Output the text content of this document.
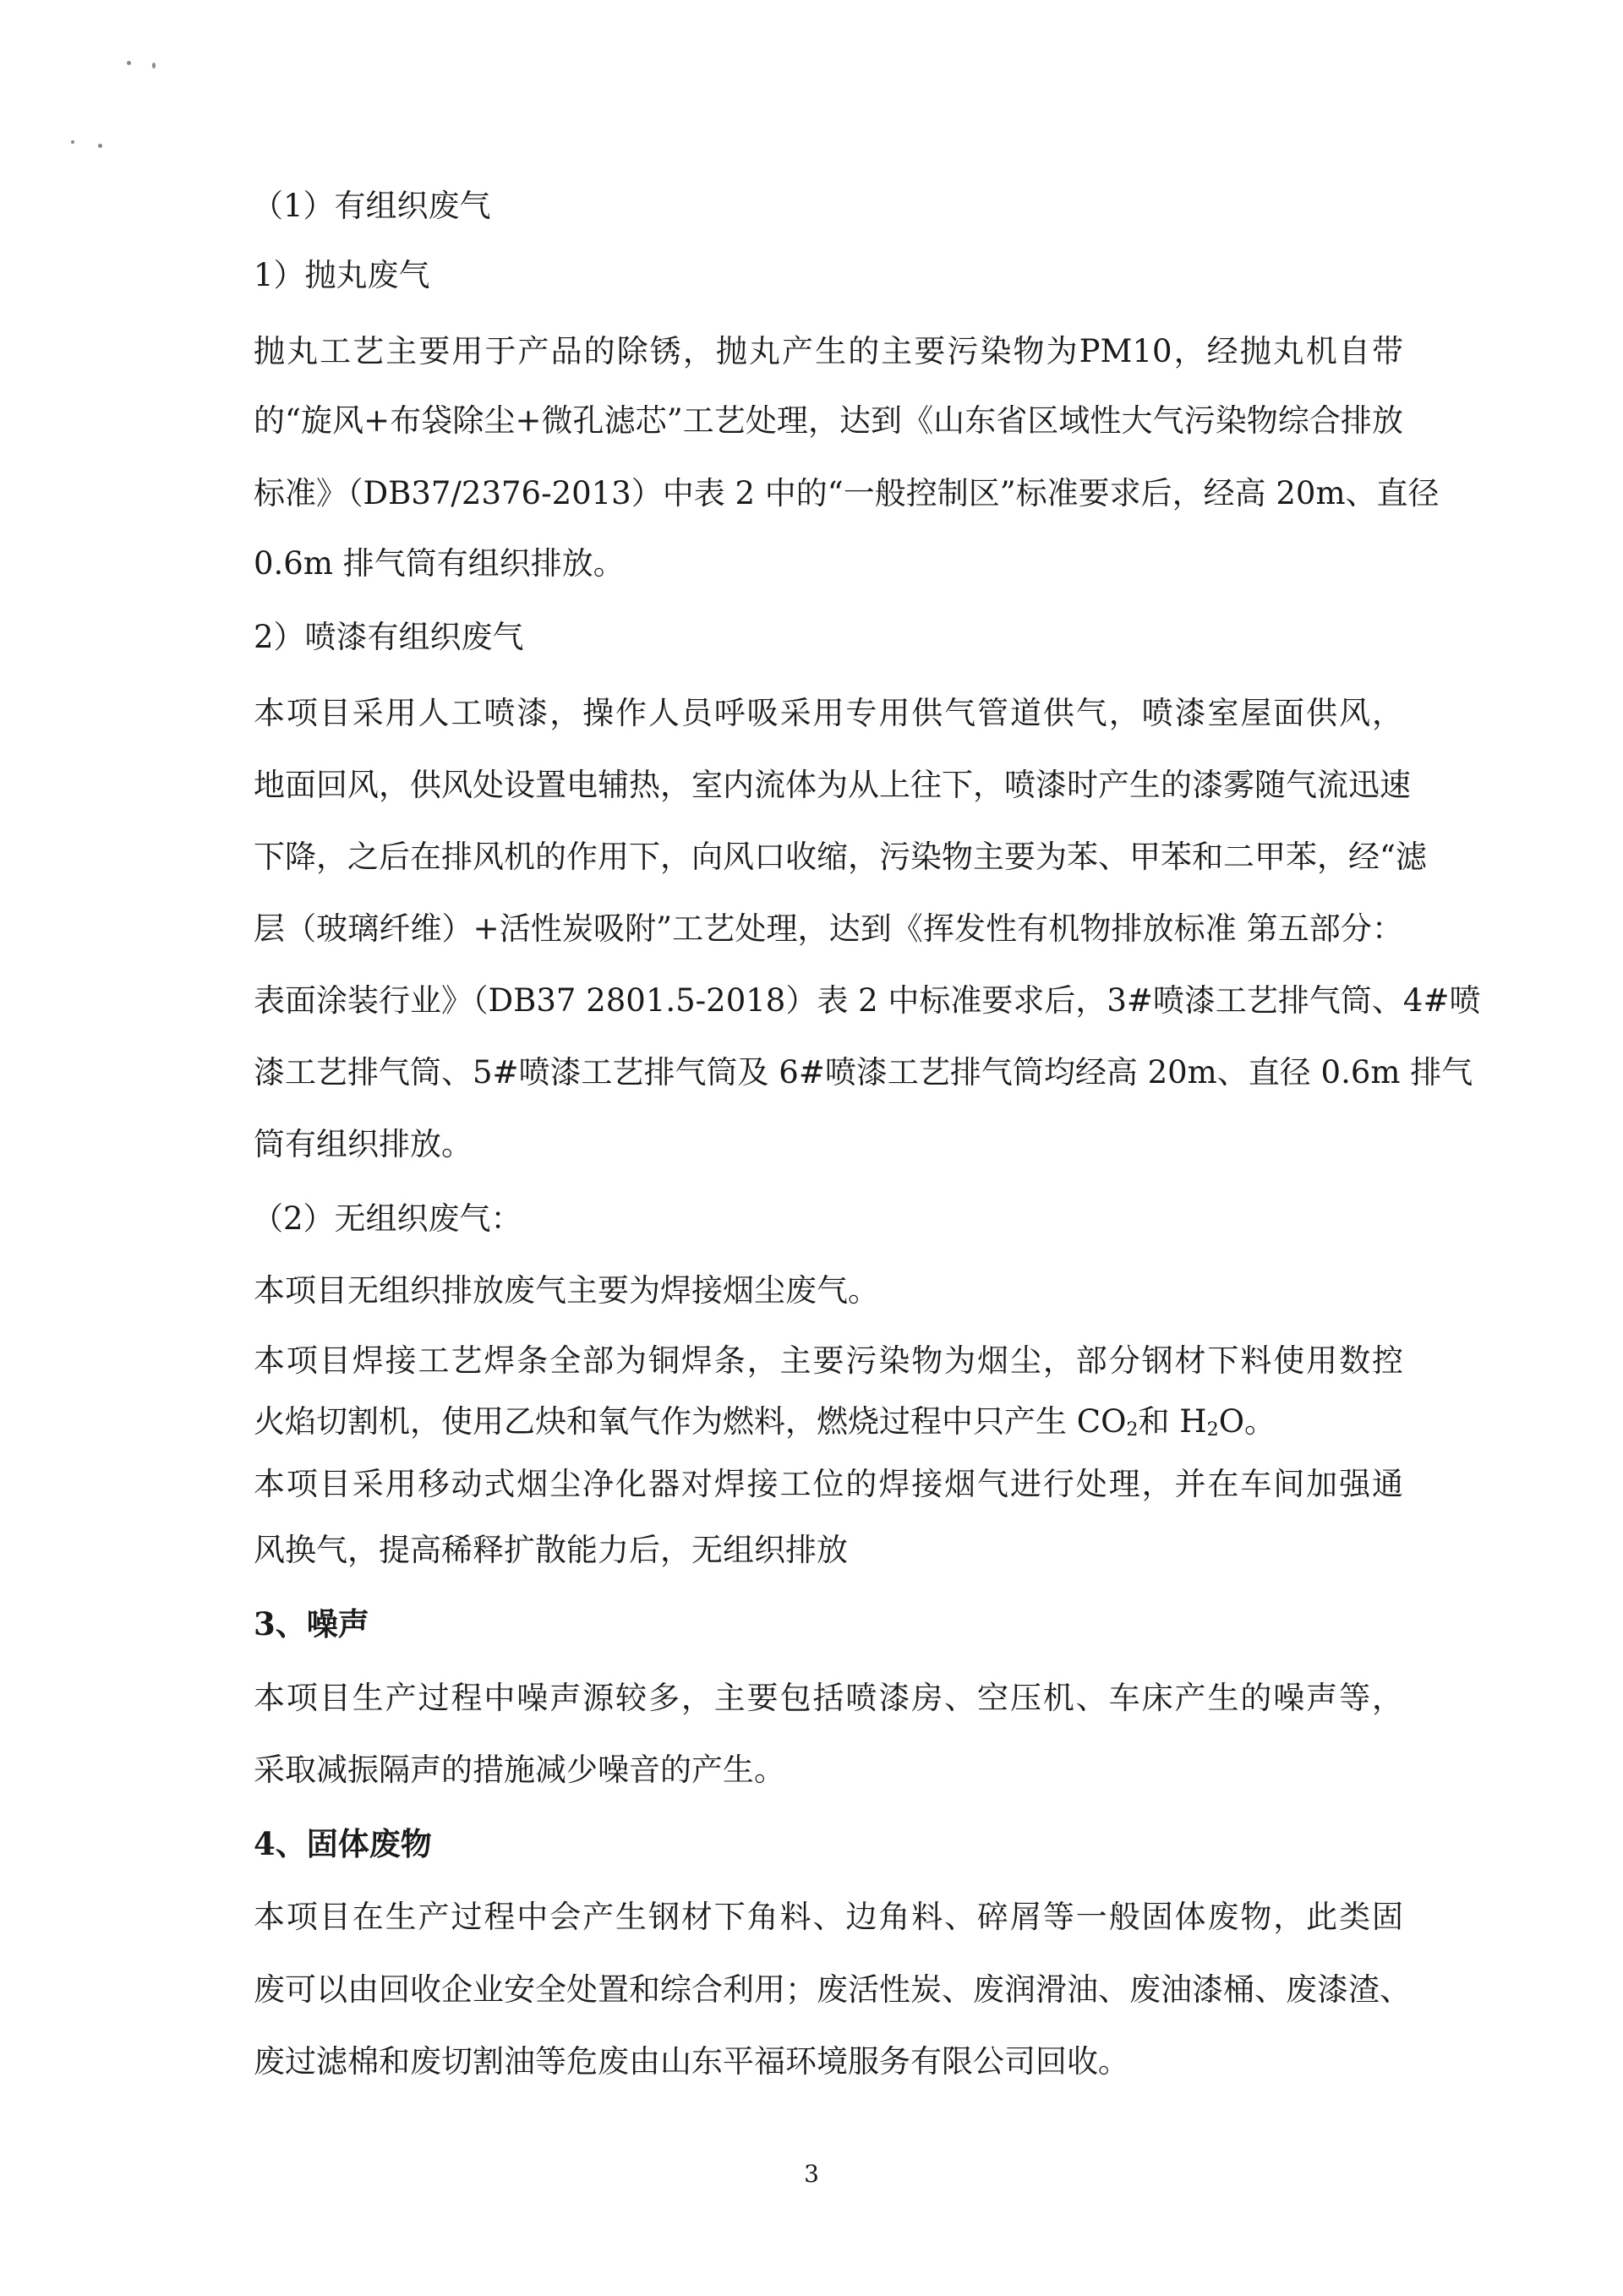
（1）有组织废气
1）抛丸废气
抛丸工艺主要用于产品的除锈，抛丸产生的主要污染物为PM10，经抛丸机自带
的“旋风+布袋除尘+微孔滤芯”工艺处理，达到《山东省区域性大气污染物综合排放
标准》（DB37/2376-2013）中表 2 中的“一般控制区”标准要求后，经高 20m、直径
0.6m 排气筒有组织排放。
2）喷漆有组织废气
本项目采用人工喷漆，操作人员呼吸采用专用供气管道供气，喷漆室屋面供风，
地面回风，供风处设置电辅热，室内流体为从上往下，喷漆时产生的漆雾随气流迅速
下降，之后在排风机的作用下，向风口收缩，污染物主要为苯、甲苯和二甲苯，经“滤
层（玻璃纤维）+活性炭吸附”工艺处理，达到《挥发性有机物排放标准 第五部分：
表面涂装行业》（DB37 2801.5-2018）表 2 中标准要求后，3#喷漆工艺排气筒、4#喷
漆工艺排气筒、5#喷漆工艺排气筒及 6#喷漆工艺排气筒均经高 20m、直径 0.6m 排气
筒有组织排放。
（2）无组织废气：
本项目无组织排放废气主要为焊接烟尘废气。
本项目焊接工艺焊条全部为铜焊条，主要污染物为烟尘，部分钢材下料使用数控
火焰切割机，使用乙炔和氧气作为燃料，燃烧过程中只产生 $CO_2$和 $H_2O$。
本项目采用移动式烟尘净化器对焊接工位的焊接烟气进行处理，并在车间加强通
风换气，提高稀释扩散能力后，无组织排放
3、噪声
本项目生产过程中噪声源较多，主要包括喷漆房、空压机、车床产生的噪声等，
采取减振隔声的措施减少噪音的产生。
4、固体废物
本项目在生产过程中会产生钢材下角料、边角料、碎屑等一般固体废物，此类固
废可以由回收企业安全处置和综合利用；废活性炭、废润滑油、废油漆桶、废漆渣、
废过滤棉和废切割油等危废由山东平福环境服务有限公司回收。
3
